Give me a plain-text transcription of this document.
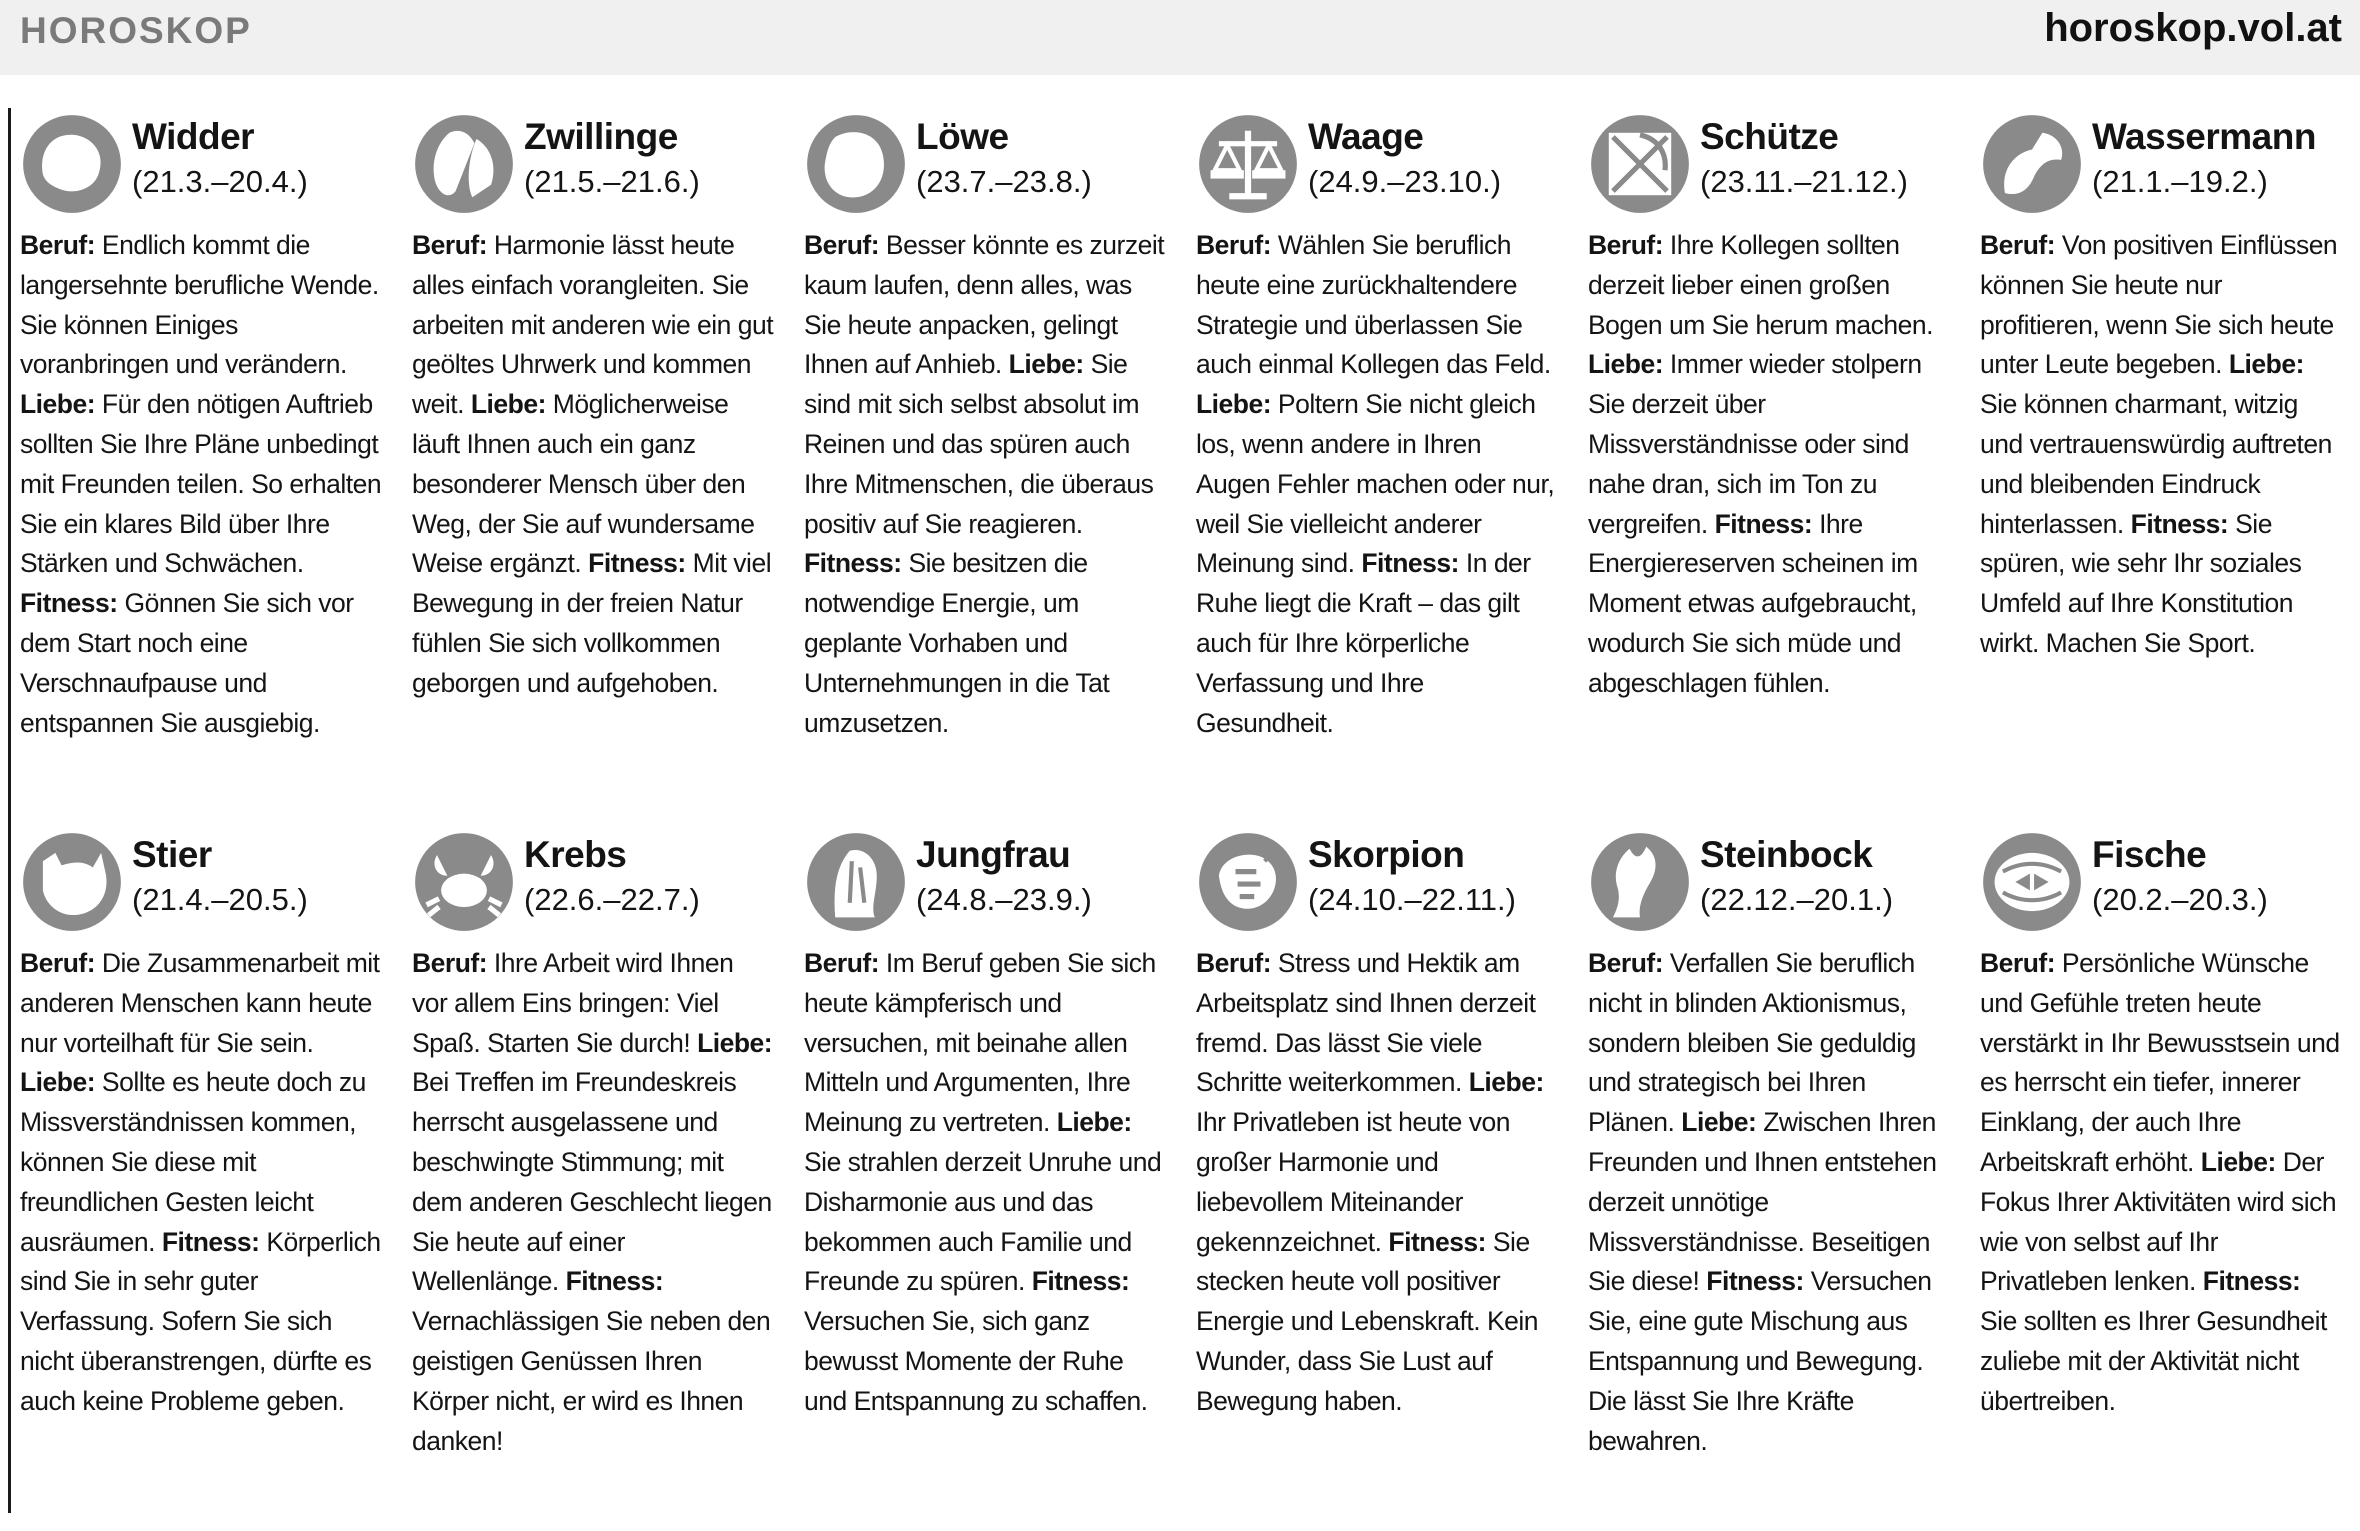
HOROSKOP	horoskop.vol.at
Widder
(21.3.–20.4.)
Beruf: Endlich kommt die langersehnte berufliche Wende. Sie können Einiges voranbringen und verändern. Liebe: Für den nötigen Auftrieb sollten Sie Ihre Pläne unbedingt mit Freunden teilen. So erhalten Sie ein klares Bild über Ihre Stärken und Schwächen. Fitness: Gönnen Sie sich vor dem Start noch eine Verschnaufpause und entspannen Sie ausgiebig.
Zwillinge
(21.5.–21.6.)
Beruf: Harmonie lässt heute alles einfach vorangleiten. Sie arbeiten mit anderen wie ein gut geöltes Uhrwerk und kommen weit. Liebe: Möglicherweise läuft Ihnen auch ein ganz besonderer Mensch über den Weg, der Sie auf wundersame Weise ergänzt. Fitness: Mit viel Bewegung in der freien Natur fühlen Sie sich vollkommen geborgen und aufgehoben.
Löwe
(23.7.–23.8.)
Beruf: Besser könnte es zurzeit kaum laufen, denn alles, was Sie heute anpacken, gelingt Ihnen auf Anhieb. Liebe: Sie sind mit sich selbst absolut im Reinen und das spüren auch Ihre Mitmenschen, die überaus positiv auf Sie reagieren. Fitness: Sie besitzen die notwendige Energie, um geplante Vorhaben und Unternehmungen in die Tat umzusetzen.
Waage
(24.9.–23.10.)
Beruf: Wählen Sie beruflich heute eine zurückhaltendere Strategie und überlassen Sie auch einmal Kollegen das Feld. Liebe: Poltern Sie nicht gleich los, wenn andere in Ihren Augen Fehler machen oder nur, weil Sie vielleicht anderer Meinung sind. Fitness: In der Ruhe liegt die Kraft – das gilt auch für Ihre körperliche Verfassung und Ihre Gesundheit.
Schütze
(23.11.–21.12.)
Beruf: Ihre Kollegen sollten derzeit lieber einen großen Bogen um Sie herum machen. Liebe: Immer wieder stolpern Sie derzeit über Missverständnisse oder sind nahe dran, sich im Ton zu vergreifen. Fitness: Ihre Energiereserven scheinen im Moment etwas aufgebraucht, wodurch Sie sich müde und abgeschlagen fühlen.
Wassermann
(21.1.–19.2.)
Beruf: Von positiven Einflüssen können Sie heute nur profitieren, wenn Sie sich heute unter Leute begeben. Liebe: Sie können charmant, witzig und vertrauenswürdig auftreten und bleibenden Eindruck hinterlassen. Fitness: Sie spüren, wie sehr Ihr soziales Umfeld auf Ihre Konstitution wirkt. Machen Sie Sport.
Stier
(21.4.–20.5.)
Beruf: Die Zusammenarbeit mit anderen Menschen kann heute nur vorteilhaft für Sie sein. Liebe: Sollte es heute doch zu Missverständnissen kommen, können Sie diese mit freundlichen Gesten leicht ausräumen. Fitness: Körperlich sind Sie in sehr guter Verfassung. Sofern Sie sich nicht überanstrengen, dürfte es auch keine Probleme geben.
Krebs
(22.6.–22.7.)
Beruf: Ihre Arbeit wird Ihnen vor allem Eins bringen: Viel Spaß. Starten Sie durch! Liebe: Bei Treffen im Freundeskreis herrscht ausgelassene und beschwingte Stimmung; mit dem anderen Geschlecht liegen Sie heute auf einer Wellenlänge. Fitness: Vernachlässigen Sie neben den geistigen Genüssen Ihren Körper nicht, er wird es Ihnen danken!
Jungfrau
(24.8.–23.9.)
Beruf: Im Beruf geben Sie sich heute kämpferisch und versuchen, mit beinahe allen Mitteln und Argumenten, Ihre Meinung zu vertreten. Liebe: Sie strahlen derzeit Unruhe und Disharmonie aus und das bekommen auch Familie und Freunde zu spüren. Fitness: Versuchen Sie, sich ganz bewusst Momente der Ruhe und Entspannung zu schaffen.
Skorpion
(24.10.–22.11.)
Beruf: Stress und Hektik am Arbeitsplatz sind Ihnen derzeit fremd. Das lässt Sie viele Schritte weiterkommen. Liebe: Ihr Privatleben ist heute von großer Harmonie und liebevollem Miteinander gekennzeichnet. Fitness: Sie stecken heute voll positiver Energie und Lebenskraft. Kein Wunder, dass Sie Lust auf Bewegung haben.
Steinbock
(22.12.–20.1.)
Beruf: Verfallen Sie beruflich nicht in blinden Aktionismus, sondern bleiben Sie geduldig und strategisch bei Ihren Plänen. Liebe: Zwischen Ihren Freunden und Ihnen entstehen derzeit unnötige Missverständnisse. Beseitigen Sie diese! Fitness: Versuchen Sie, eine gute Mischung aus Entspannung und Bewegung. Die lässt Sie Ihre Kräfte bewahren.
Fische
(20.2.–20.3.)
Beruf: Persönliche Wünsche und Gefühle treten heute verstärkt in Ihr Bewusstsein und es herrscht ein tiefer, innerer Einklang, der auch Ihre Arbeitskraft erhöht. Liebe: Der Fokus Ihrer Aktivitäten wird sich wie von selbst auf Ihr Privatleben lenken. Fitness: Sie sollten es Ihrer Gesundheit zuliebe mit der Aktivität nicht übertreiben.
